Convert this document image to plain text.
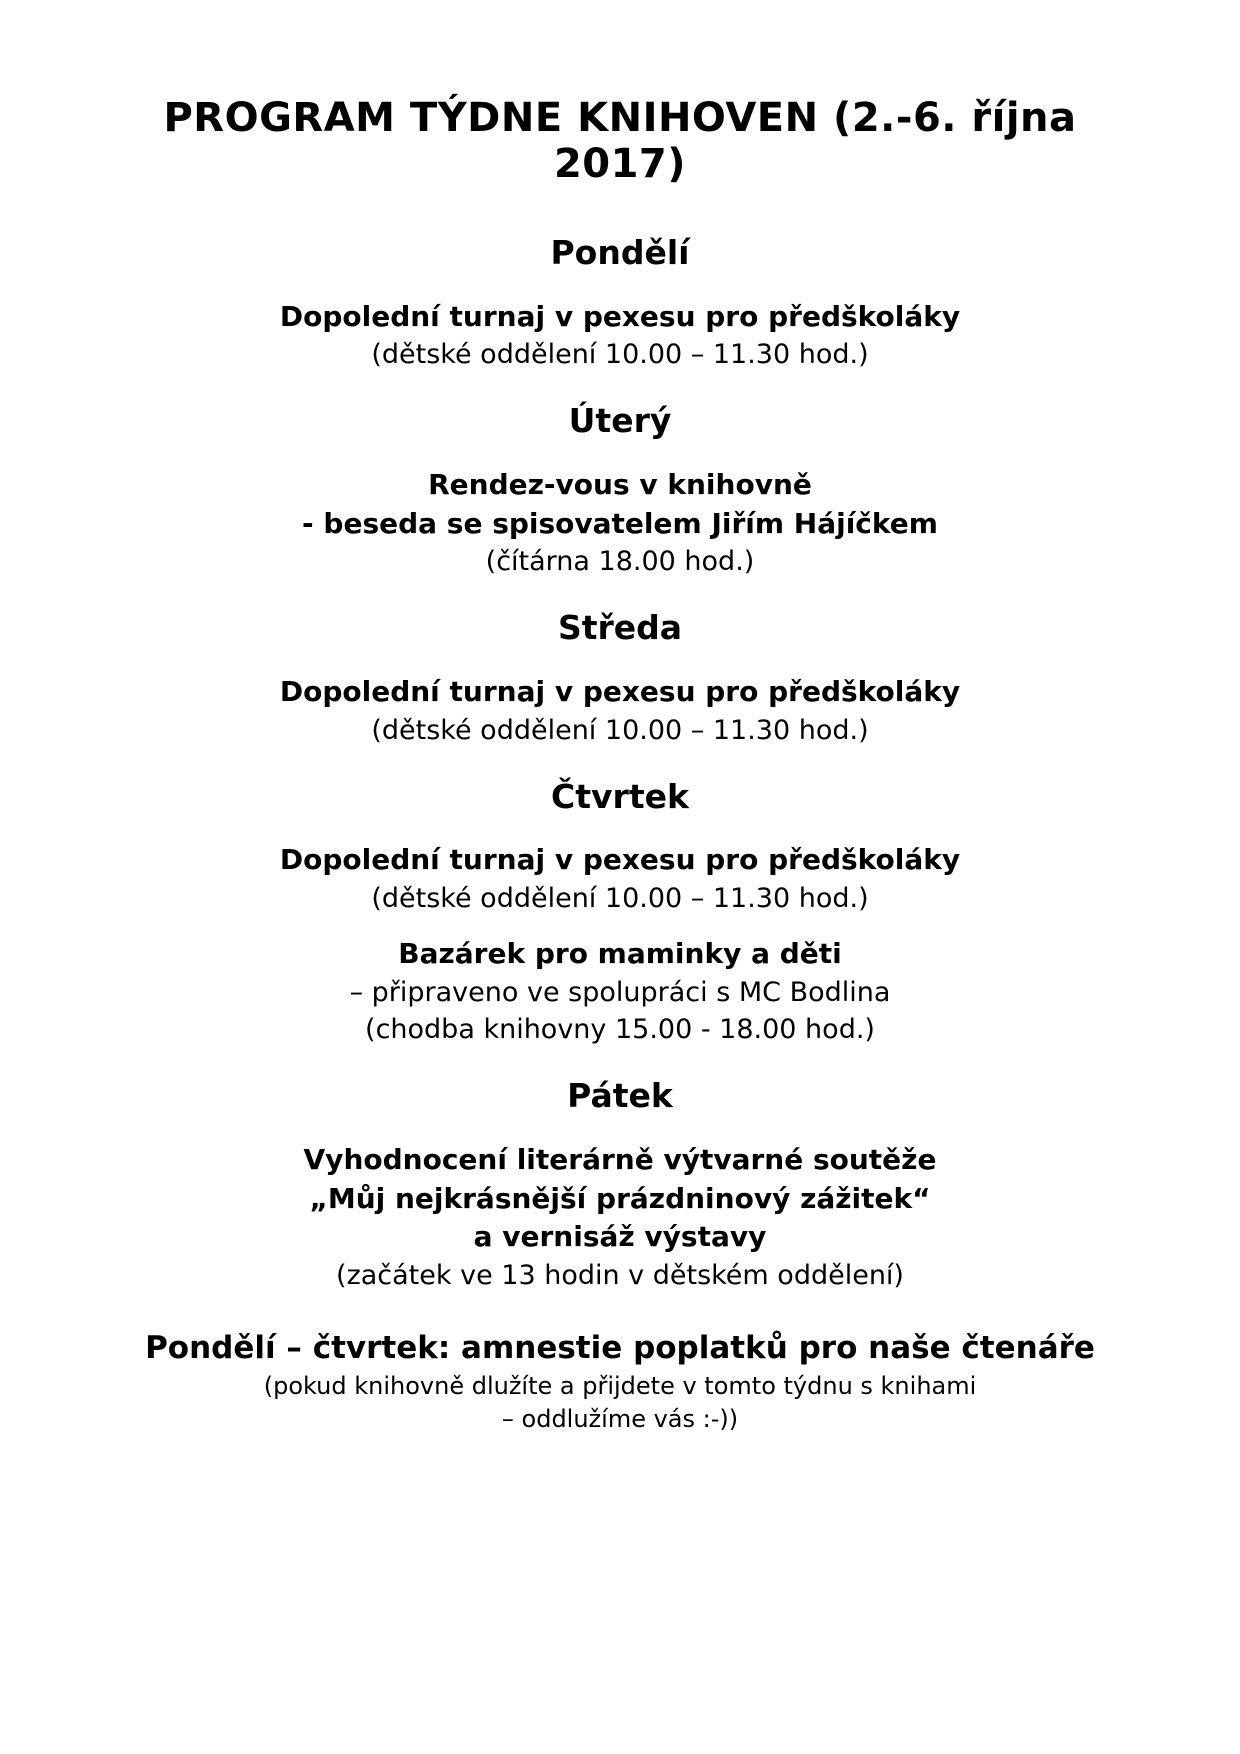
PROGRAM TÝDNE KNIHOVEN (2.-6. října 2017)
Pondělí
Dopolední turnaj v pexesu pro předškoláky
(dětské oddělení 10.00 – 11.30 hod.)
Úterý
Rendez-vous v knihovně
- beseda se spisovatelem Jiřím Hájíčkem
(čítárna 18.00 hod.)
Středa
Dopolední turnaj v pexesu pro předškoláky
(dětské oddělení 10.00 – 11.30 hod.)
Čtvrtek
Dopolední turnaj v pexesu pro předškoláky
(dětské oddělení 10.00 – 11.30 hod.)
Bazárek pro maminky a děti
– připraveno ve spolupráci s MC Bodlina
(chodba knihovny 15.00 - 18.00 hod.)
Pátek
Vyhodnocení literárně výtvarné soutěže
„Můj nejkrásnější prázdninový zážitek“
a vernisáž výstavy
(začátek ve 13 hodin v dětském oddělení)
Pondělí – čtvrtek: amnestie poplatků pro naše čtenáře
(pokud knihovně dlužíte a přijdete v tomto týdnu s knihami
– oddlužíme vás :-))
